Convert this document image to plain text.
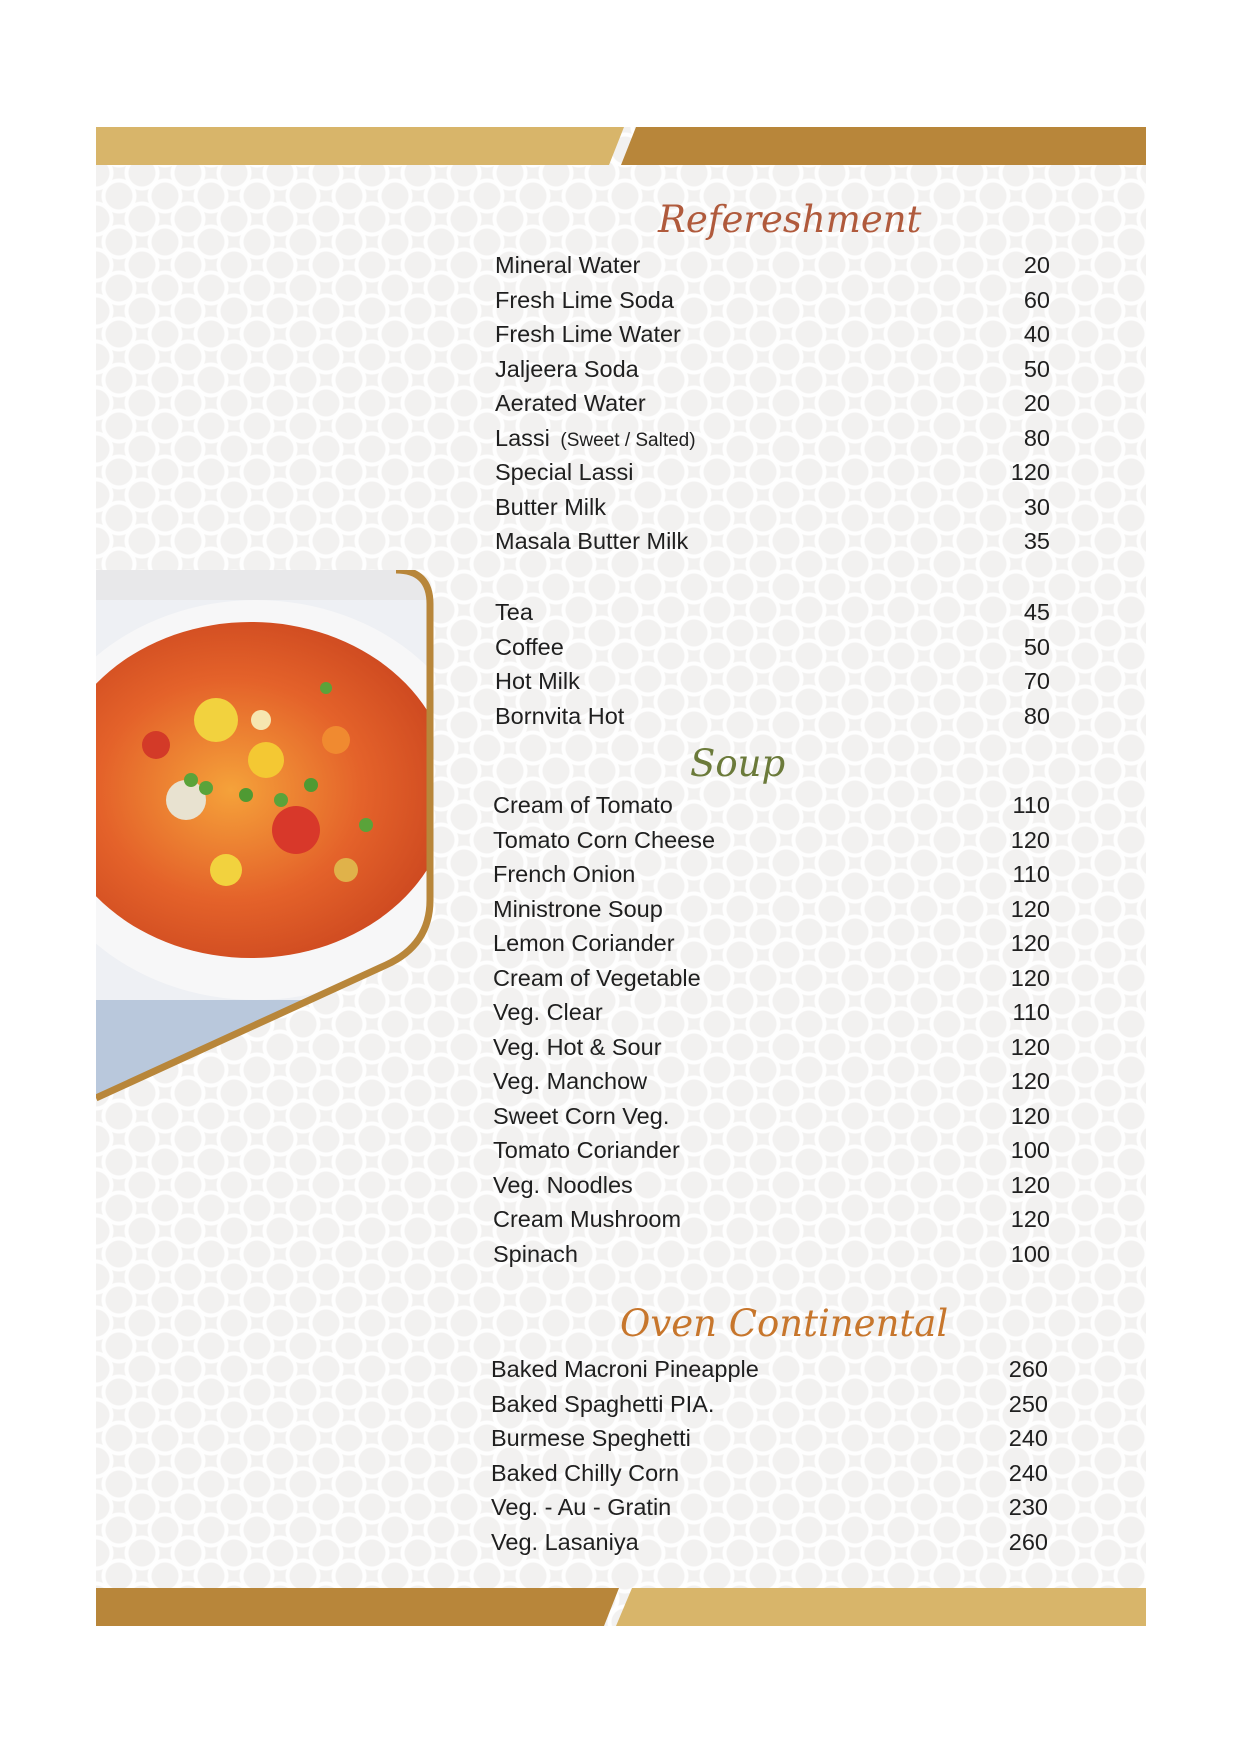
Refereshment
Mineral Water	20
Fresh Lime Soda	60
Fresh Lime Water	40
Jaljeera Soda	50
Aerated Water	20
Lassi (Sweet / Salted)	80
Special Lassi	120
Butter Milk	30
Masala Butter Milk	35
Tea	45
Coffee	50
Hot Milk	70
Bornvita Hot	80
Soup
Cream of Tomato	110
Tomato Corn Cheese	120
French Onion	110
Ministrone Soup	120
Lemon Coriander	120
Cream of Vegetable	120
Veg. Clear	110
Veg. Hot & Sour	120
Veg. Manchow	120
Sweet Corn Veg.	120
Tomato Coriander	100
Veg. Noodles	120
Cream Mushroom	120
Spinach	100
Oven Continental
Baked Macroni Pineapple	260
Baked Spaghetti PIA.	250
Burmese Speghetti	240
Baked Chilly Corn	240
Veg. - Au - Gratin	230
Veg. Lasaniya	260
